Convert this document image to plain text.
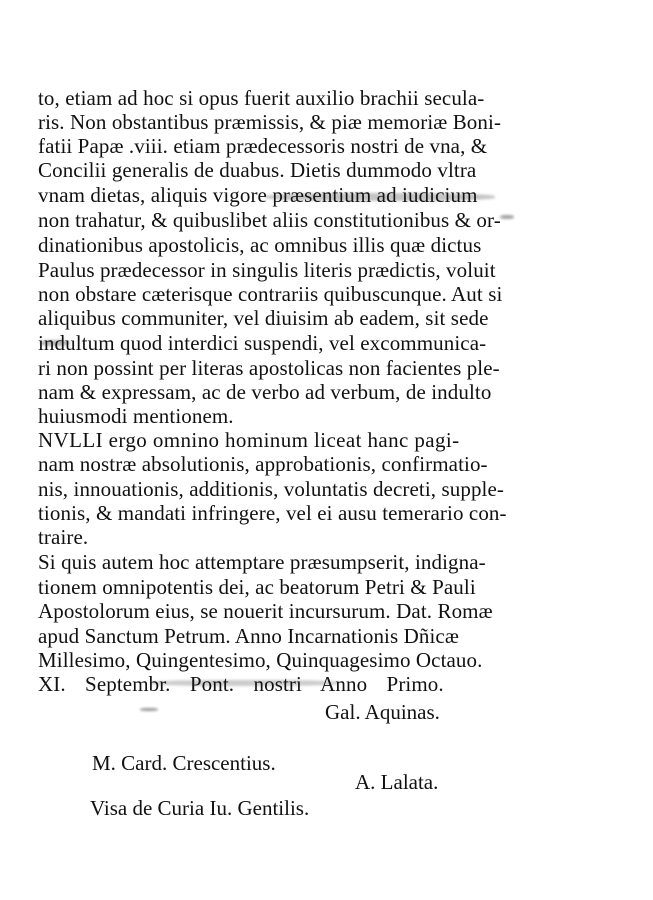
to, etiam ad hoc si opus fuerit auxilio brachii secula-
ris. Non obstantibus præmissis, & piæ memoriæ Boni-
fatii Papæ .viii. etiam prædecessoris nostri de vna, &
Concilii generalis de duabus. Dietis dummodo vltra
vnam dietas, aliquis vigore præsentium ad iudicium
non trahatur, & quibuslibet aliis constitutionibus & or-
dinationibus apostolicis, ac omnibus illis quæ dictus
Paulus prædecessor in singulis literis prædictis, voluit
non obstare cæterisque contrariis quibuscunque. Aut si
aliquibus communiter, vel diuisim ab eadem, sit sede
indultum quod interdici suspendi, vel excommunica-
ri non possint per literas apostolicas non facientes ple-
nam & expressam, ac de verbo ad verbum, de indulto
huiusmodi mentionem.
NVLLI ergo omnino hominum liceat hanc pagi-
nam nostræ absolutionis, approbationis, confirmatio-
nis, innouationis, additionis, voluntatis decreti, supple-
tionis, & mandati infringere, vel ei ausu temerario con-
traire.
Si quis autem hoc attemptare præsumpserit, indigna-
tionem omnipotentis dei, ac beatorum Petri & Pauli
Apostolorum eius, se nouerit incursurum. Dat. Romæ
apud Sanctum Petrum. Anno Incarnationis Dñicæ
Millesimo, Quingentesimo, Quinquagesimo Octauo.
XI. Septembr. Pont. nostri Anno Primo.
Gal. Aquinas.
M. Card. Crescentius.
A. Lalata.
Visa de Curia Iu. Gentilis.
